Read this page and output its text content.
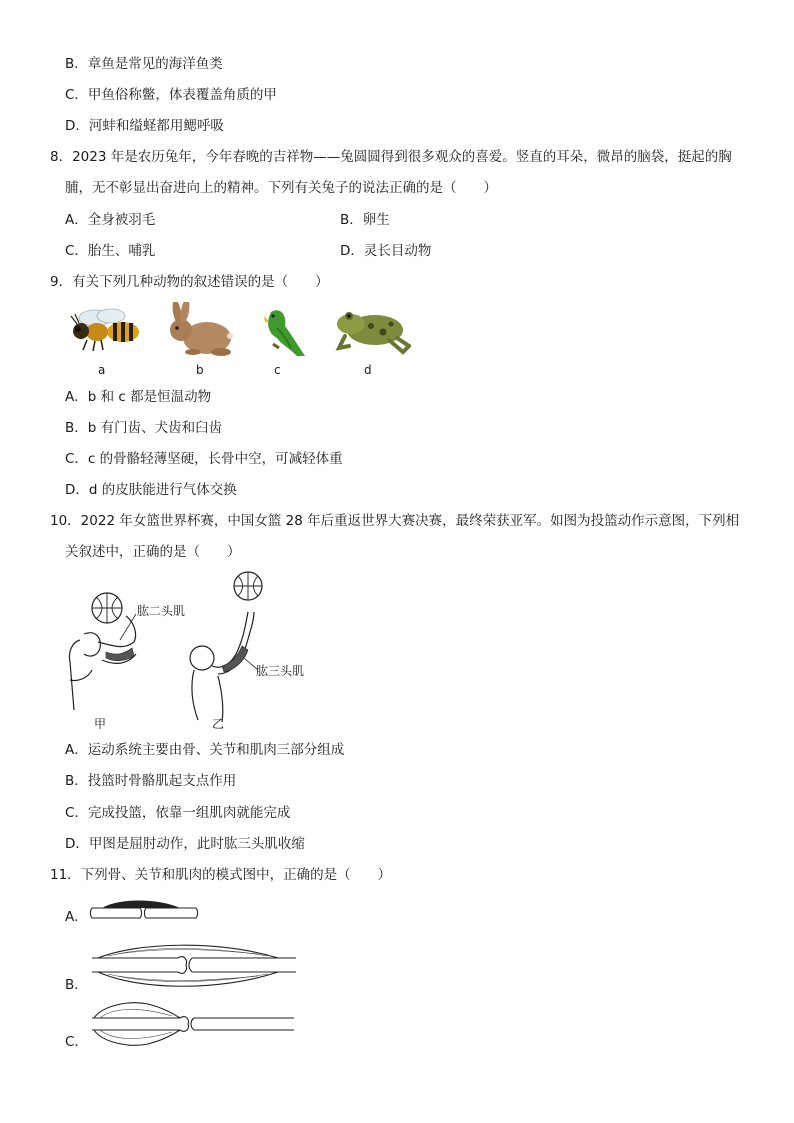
B．章鱼是常见的海洋鱼类
C．甲鱼俗称鳖，体表覆盖角质的甲
D．河蚌和缢蛏都用鳃呼吸
8．2023 年是农历兔年，今年春晚的吉祥物——兔圆圆得到很多观众的喜爱。竖直的耳朵，微昂的脑袋，挺起的胸
脯，无不彰显出奋进向上的精神。下列有关兔子的说法正确的是（　　）
A．全身被羽毛	B．卵生
C．胎生、哺乳	D．灵长目动物
9．有关下列几种动物的叙述错误的是（　　）
a	b	c	d
A．b 和 c 都是恒温动物
B．b 有门齿、犬齿和臼齿
C．c 的骨骼轻薄坚硬，长骨中空，可减轻体重
D．d 的皮肤能进行气体交换
10．2022 年女篮世界杯赛，中国女篮 28 年后重返世界大赛决赛，最终荣获亚军。如图为投篮动作示意图，下列相
关叙述中，正确的是（　　）
肱二头肌
肱三头肌
甲	乙
A．运动系统主要由骨、关节和肌肉三部分组成
B．投篮时骨骼肌起支点作用
C．完成投篮，依靠一组肌肉就能完成
D．甲图是屈肘动作，此时肱三头肌收缩
11．下列骨、关节和肌肉的模式图中，正确的是（　　）
A．
B．
C．
